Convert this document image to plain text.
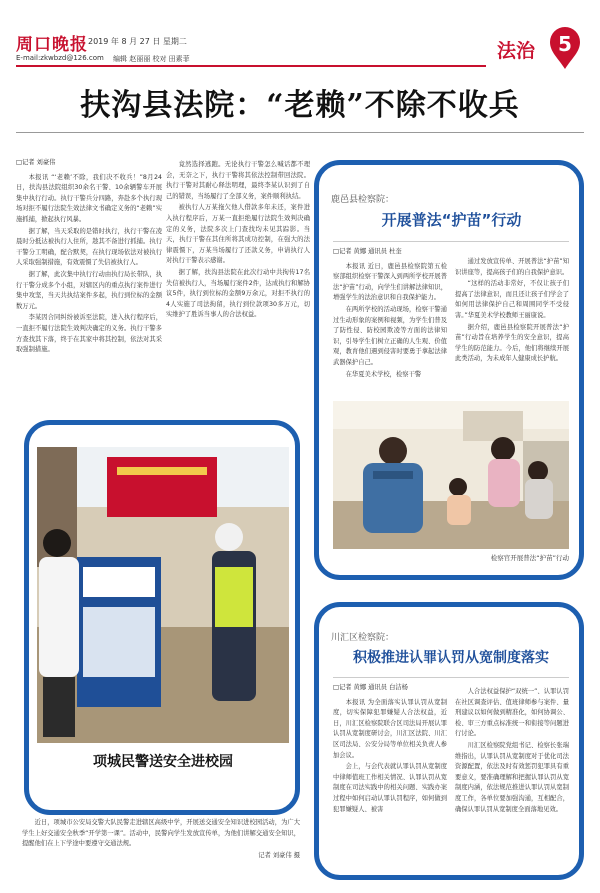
周口晚报 2019 年 8 月 27 日 星期二
E-mail:zkwbzd@126.com 编辑 赵丽丽 校对 田素菲	法治	5
扶沟县法院：“老赖”不除不收兵
□记者 刘豪伟

本报讯 “‘老赖’不除，我们决不收兵！”8月24日，扶沟县法院组织30余名干警、10余辆警车开展集中执行行动。执行干警兵分四路，奔赴多个执行现场对拒不履行法院生效法律文书确定义务的“老赖”实施抓捕，掀起执行风暴。

据了解，当天采取的是错时执行，执行干警在凌晨时分抵达被执行人住所，趁其不备进行抓捕。执行干警分工明确，配合默契，在执行现场依法对被执行人采取强制措施，有效震慑了失信被执行人。

据了解，此次集中执行行动由执行局长带队，执行干警分成多个小组，对辖区内的重点执行案件进行集中攻坚，当天共执结案件多起，执行到位标的金额数万元。

李某因合同纠纷被诉至法院，进入执行程序后，一直拒不履行法院生效判决确定的义务。执行干警多方查找其下落，终于在其家中将其控制，依法对其采取强制措施。

竟然选择逃跑。无论执行干警怎么喊话都不理会，无奈之下，执行干警将其依法控制带回法院。执行干警对其耐心释法明理，最终李某认识到了自己的错误，当场履行了全部义务，案件顺利执结。

被执行人万某拖欠他人借款多年未还，案件进入执行程序后，万某一直拒绝履行法院生效判决确定的义务，法院多次上门查找均未见其踪影。当天，执行干警在其住所将其成功控制，在强大的法律震慑下，万某当场履行了还款义务，申请执行人对执行干警表示感谢。

据了解，扶沟县法院在此次行动中共拘传17名失信被执行人，当场履行案件2件，达成执行和解协议5件，执行到位标的金额9万余元，对拒不执行的4人实施了司法拘留，执行到位款项30多万元，切实维护了胜诉当事人的合法权益。

鹿邑县检察院：
开展普法“护苗”行动
□记者 黄娜 通讯员 杜奎

本报讯 近日，鹿邑县检察院第五检察部组织检察干警深入到两所学校开展普法“护苗”行动，向学生们讲解法律知识，增强学生的法治意识和自我保护能力。

在两所学校的活动现场，检察干警通过生动形象的案例和视频，为学生们普及了防性侵、防校园欺凌等方面的法律知识，引导学生们树立正确的人生观、价值观，教育他们遇到侵害时要勇于拿起法律武器保护自己。

在华夏美术学校，检察干警

通过发放宣传单、开展普法“护苗”知识讲座等，提高孩子们的自我保护意识。

“这样的活动非常好，不仅让孩子们提高了法律意识，而且还让孩子们学会了如何用法律保护自己和周围同学不受侵害。”华夏美术学校教师王丽康说。

据介绍，鹿邑县检察院开展普法“护苗”行动旨在培养学生的安全意识，提高学生的防范能力。今后，他们将继续开展此类活动，为未成年人健康成长护航。

检察官开展普法“护苗”行动
项城民警送安全进校园

近日，项城市公安局交警大队民警走进辖区高级中学，开展送交通安全知识进校园活动，为广大学生上好交通安全秋季“开学第一课”。活动中，民警向学生发放宣传单，为他们讲解交通安全知识，提醒他们在上下学途中要遵守交通法规。

记者 刘豪伟 摄
川汇区检察院：
积极推进认罪认罚从宽制度落实
□记者 黄娜 通讯员 白洁杨

本报讯 为全面落实认罪认罚从宽制度，切实保障犯罪嫌疑人合法权益，近日，川汇区检察院联合区司法局开展认罪认罚从宽制度研讨会，川汇区法院、川汇区司法局、公安分局等单位相关负责人参加会议。

会上，与会代表就认罪认罚从宽制度中律师值班工作相关情况、认罪认罚从宽制度在司法实践中的相关问题、实践办案过程中如何启动认罪认罚程序，如何做到犯罪嫌疑人、被害

人合法权益保护“双统一”、认罪认罚在社区调查评估、值班律师参与案件、量刑建议以如何做到精准化，如何协调公、检、审三方重点标准统一和衔接等问题进行讨论。

川汇区检察院党组书记、检察长张瑞维指出，认罪认罚从宽制度对于优化司法资源配置，依法及时有效惩罚犯罪具有重要意义，要准确理解和把握认罪认罚从宽制度内涵，依法规范推进认罪认罚从宽制度工作，各单位要加强沟通，互相配合，确保认罪认罚从宽制度全面落地见效。
